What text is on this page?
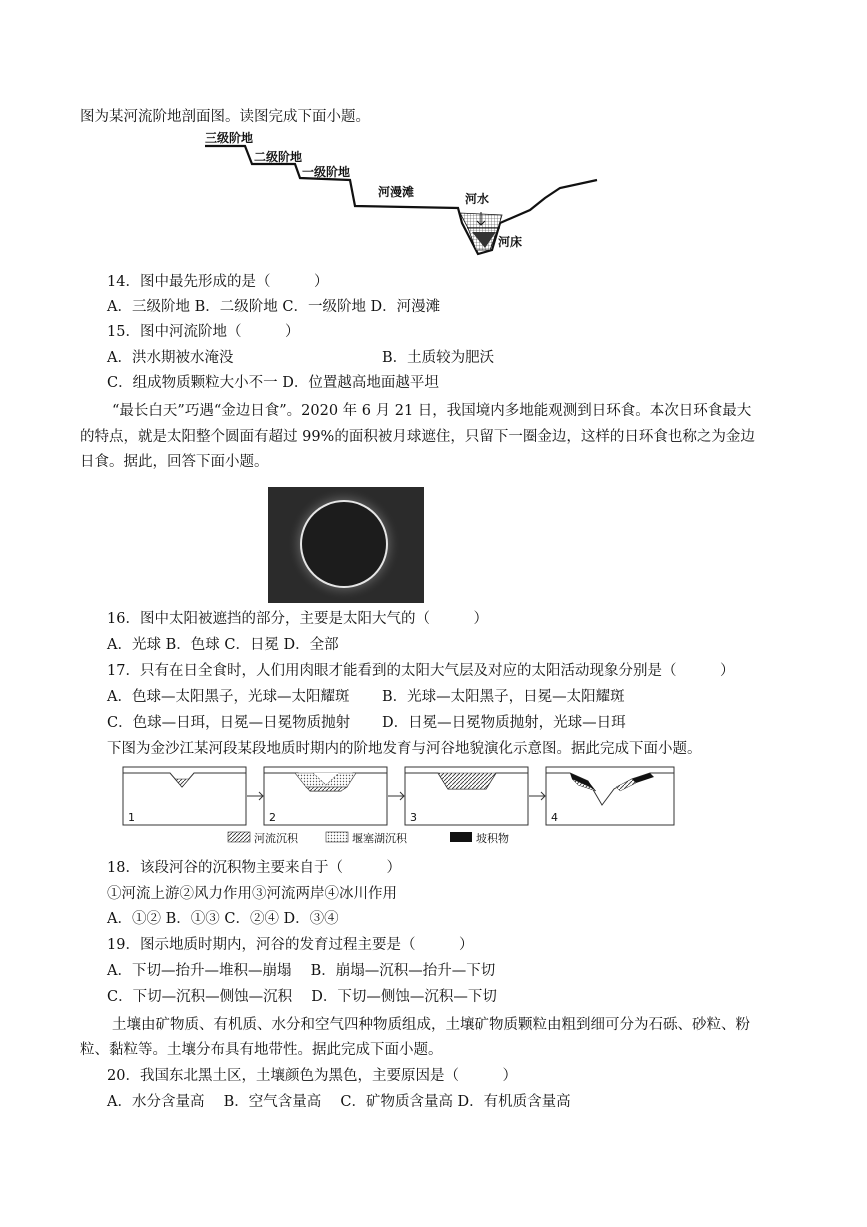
图为某河流阶地剖面图。读图完成下面小题。
三级阶地
二级阶地
一级阶地
河漫滩	河水
河床
14．图中最先形成的是（　　　）
A．三级阶地 B．二级阶地 C．一级阶地 D．河漫滩
15．图中河流阶地（　　　）
A．洪水期被水淹没	B．土质较为肥沃
C．组成物质颗粒大小不一 D．位置越高地面越平坦
“最长白天”巧遇“金边日食”。2020 年 6 月 21 日，我国境内多地能观测到日环食。本次日环食最大
的特点，就是太阳整个圆面有超过 99%的面积被月球遮住，只留下一圈金边，这样的日环食也称之为金边
日食。据此，回答下面小题。
16．图中太阳被遮挡的部分，主要是太阳大气的（　　　）
A．光球 B．色球 C．日冕 D．全部
17．只有在日全食时，人们用肉眼才能看到的太阳大气层及对应的太阳活动现象分别是（　　　）
A．色球—太阳黑子，光球—太阳耀斑 B．光球—太阳黑子，日冕—太阳耀斑
C．色球—日珥，日冕—日冕物质抛射 D．日冕—日冕物质抛射，光球—日珥
下图为金沙江某河段某段地质时期内的阶地发育与河谷地貌演化示意图。据此完成下面小题。
1	2	3	4
河流沉积	堰塞湖沉积	坡积物
18．该段河谷的沉积物主要来自于（　　　）
①河流上游②风力作用③河流两岸④冰川作用
A．①② B．①③ C．②④ D．③④
19．图示地质时期内，河谷的发育过程主要是（　　　）
A．下切—抬升—堆积—崩塌　 B．崩塌—沉积—抬升—下切
C．下切—沉积—侧蚀—沉积　 D．下切—侧蚀—沉积—下切
土壤由矿物质、有机质、水分和空气四种物质组成，土壤矿物质颗粒由粗到细可分为石砾、砂粒、粉
粒、黏粒等。土壤分布具有地带性。据此完成下面小题。
20．我国东北黑土区，土壤颜色为黑色，主要原因是（　　　）
A．水分含量高　 B．空气含量高　 C．矿物质含量高 D．有机质含量高
